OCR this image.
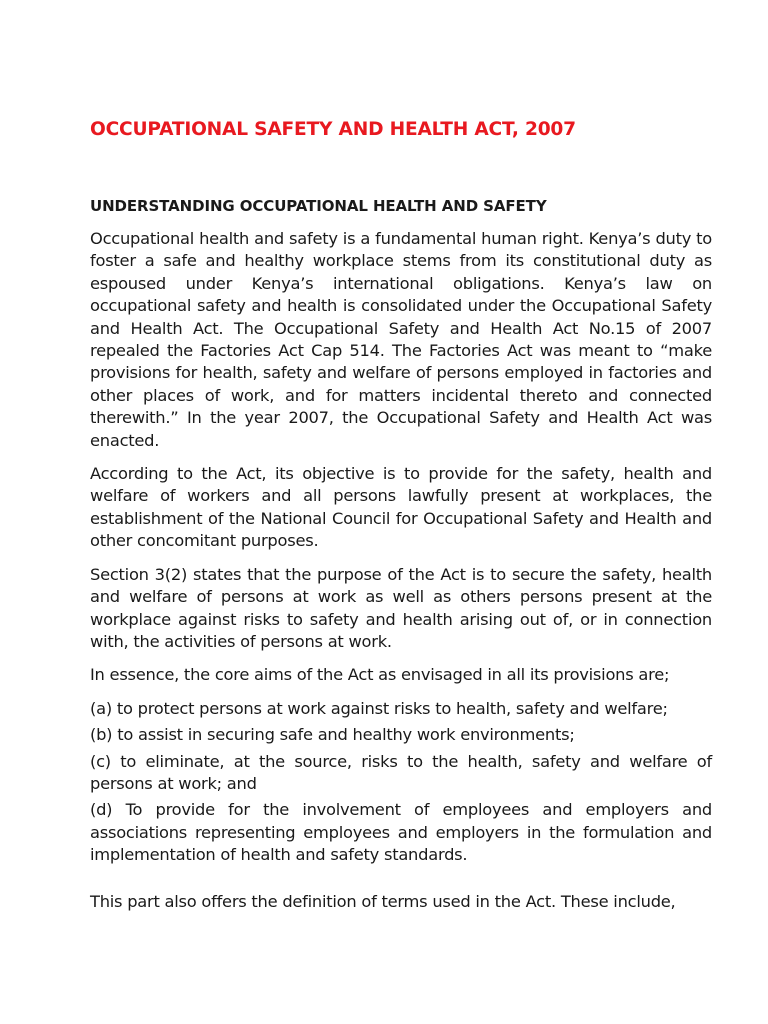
OCCUPATIONAL SAFETY AND HEALTH ACT, 2007
UNDERSTANDING OCCUPATIONAL HEALTH AND SAFETY

Occupational health and safety is a fundamental human right. Kenya’s duty to foster a safe and healthy workplace stems from its constitutional duty as espoused under Kenya’s international obligations. Kenya’s law on occupational safety and health is consolidated under the Occupational Safety and Health Act. The Occupational Safety and Health Act No.15 of 2007 repealed the Factories Act Cap 514. The Factories Act was meant to “make provisions for health, safety and welfare of persons employed in factories and other places of work, and for matters incidental thereto and connected therewith.” In the year 2007, the Occupational Safety and Health Act was enacted.

According to the Act, its objective is to provide for the safety, health and welfare of workers and all persons lawfully present at workplaces, the establishment of the National Council for Occupational Safety and Health and other concomitant purposes.

Section 3(2) states that the purpose of the Act is to secure the safety, health and welfare of persons at work as well as others persons present at the workplace against risks to safety and health arising out of, or in connection with, the activities of persons at work.

In essence, the core aims of the Act as envisaged in all its provisions are;

(a) to protect persons at work against risks to health, safety and welfare;

(b) to assist in securing safe and healthy work environments;

(c) to eliminate, at the source, risks to the health, safety and welfare of persons at work; and

(d) To provide for the involvement of employees and employers and associations representing employees and employers in the formulation and implementation of health and safety standards.

This part also offers the definition of terms used in the Act. These include,
